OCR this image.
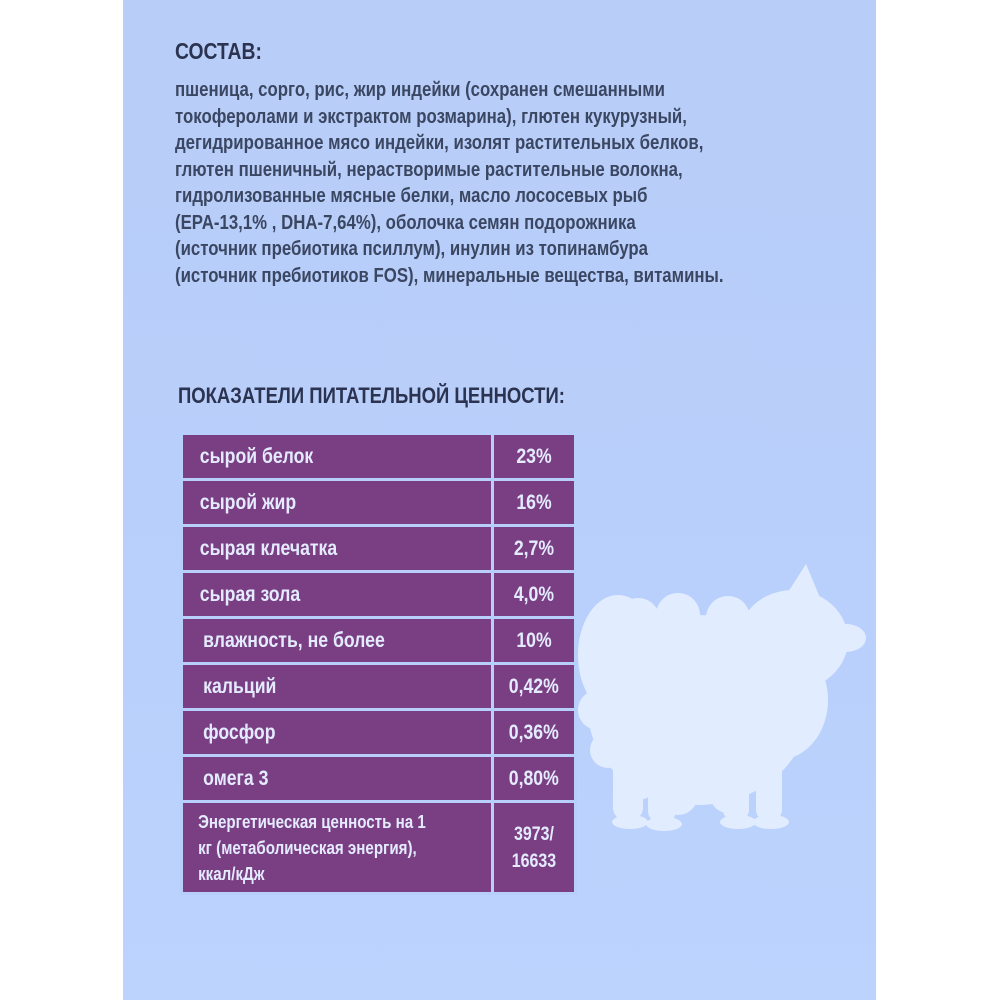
СОСТАВ:

пшеница, сорго, рис, жир индейки (сохранен смешанными
токоферолами и экстрактом розмарина), глютен кукурузный,
дегидрированное мясо индейки, изолят растительных белков,
глютен пшеничный, нерастворимые растительные волокна,
гидролизованные мясные белки, масло лососевых рыб
(EPA-13,1% , DHA-7,64%), оболочка семян подорожника
(источник пребиотика псиллум), инулин из топинамбура
(источник пребиотиков FOS), минеральные вещества, витамины.

ПОКАЗАТЕЛИ ПИТАТЕЛЬНОЙ ЦЕННОСТИ:
сырой белок	23%
сырой жир	16%
сырая клечатка	2,7%
сырая зола	4,0%
влажность, не более	10%
кальций	0,42%
фосфор	0,36%
омега 3	0,80%
Энергетическая ценность на 1 кг (метаболическая энергия), ккал/кДж	3973/ 16633
